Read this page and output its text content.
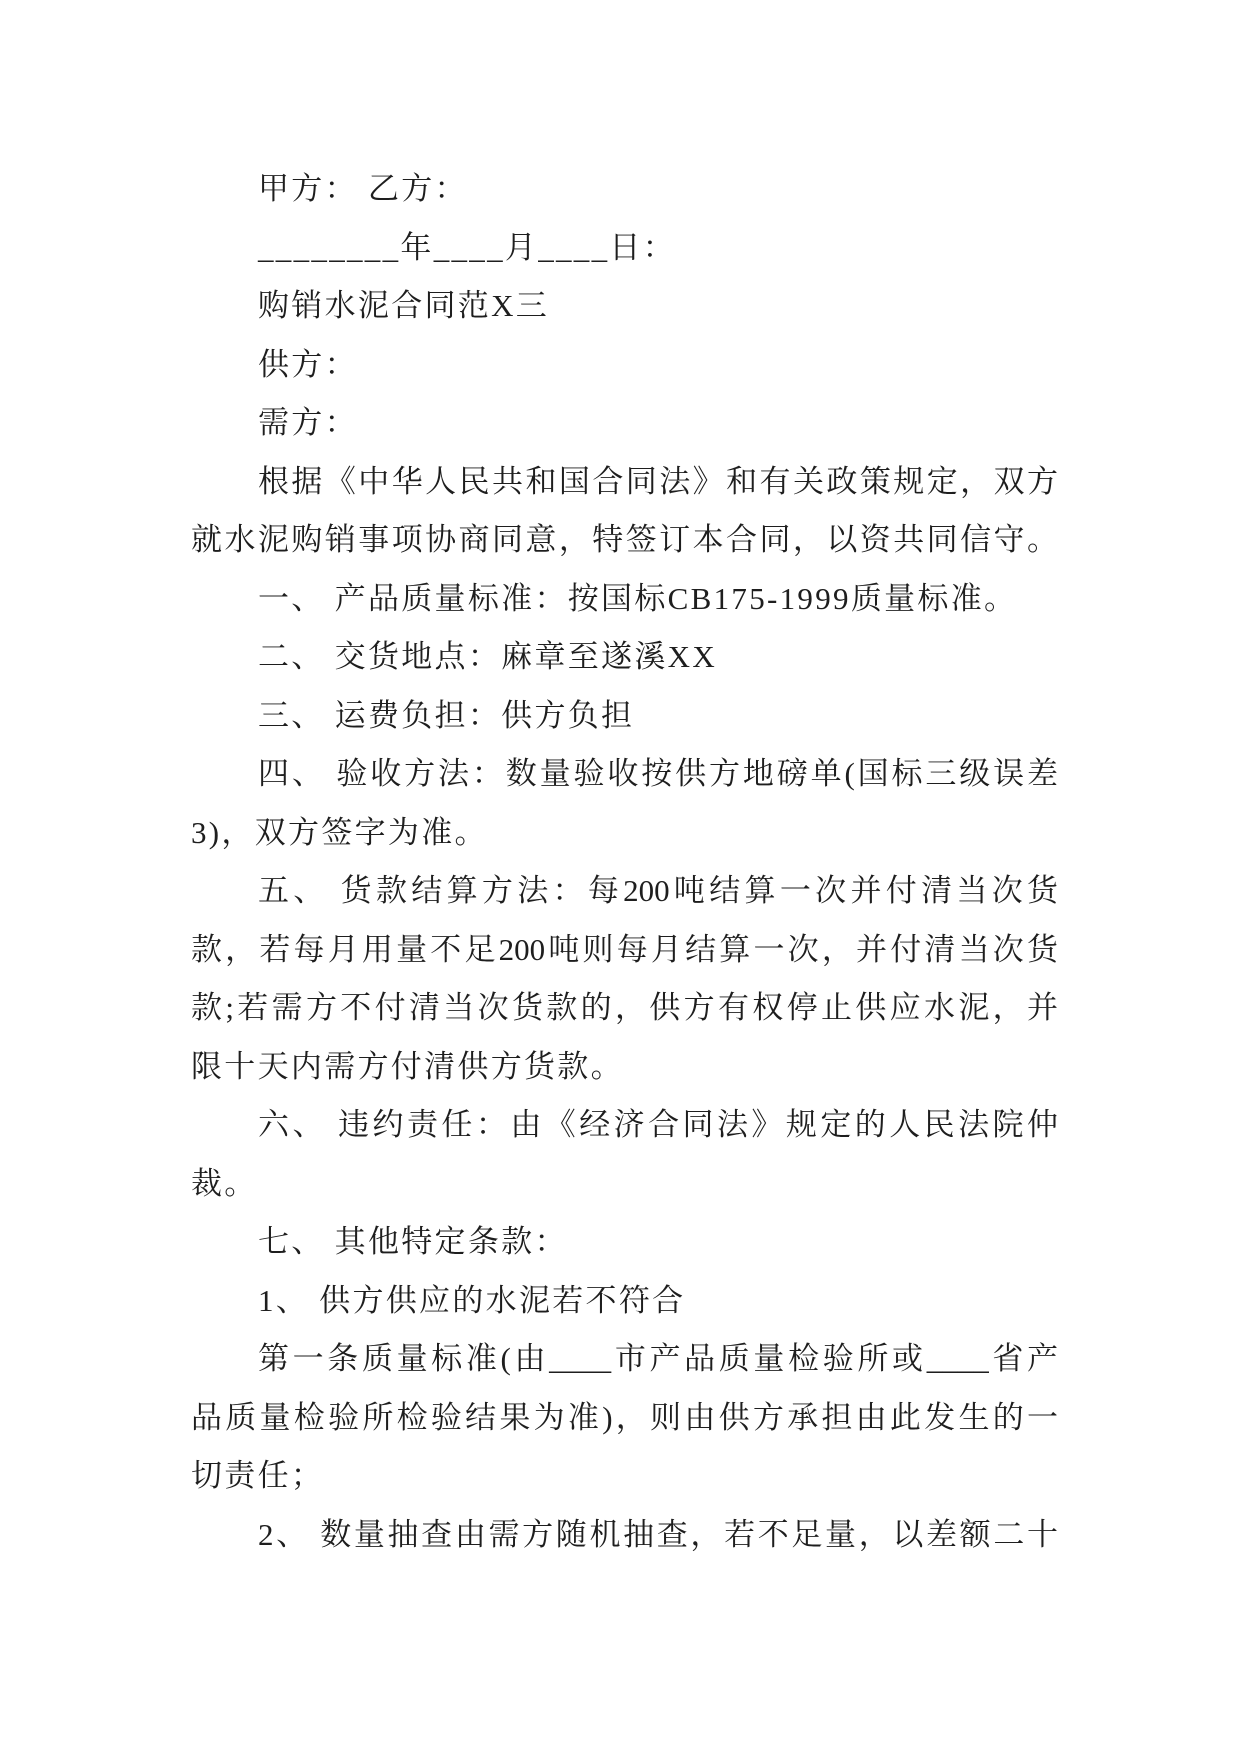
甲方： 乙方：
________年____月____日：
购销水泥合同范X三
供方：
需方：
根据《中华人民共和国合同法》和有关政策规定，双方
就水泥购销事项协商同意，特签订本合同，以资共同信守。
一、 产品质量标准：按国标CB175-1999质量标准。
二、 交货地点：麻章至遂溪XX
三、 运费负担：供方负担
四、 验收方法：数量验收按供方地磅单(国标三级误差
3)，双方签字为准。
五、 货款结算方法：每200吨结算一次并付清当次货
款，若每月用量不足200吨则每月结算一次，并付清当次货
款;若需方不付清当次货款的，供方有权停止供应水泥，并
限十天内需方付清供方货款。
六、 违约责任：由《经济合同法》规定的人民法院仲
裁。
七、 其他特定条款：
1、 供方供应的水泥若不符合
第一条质量标准(由____市产品质量检验所或____省产
品质量检验所检验结果为准)，则由供方承担由此发生的一
切责任；
2、 数量抽查由需方随机抽查，若不足量，以差额二十
